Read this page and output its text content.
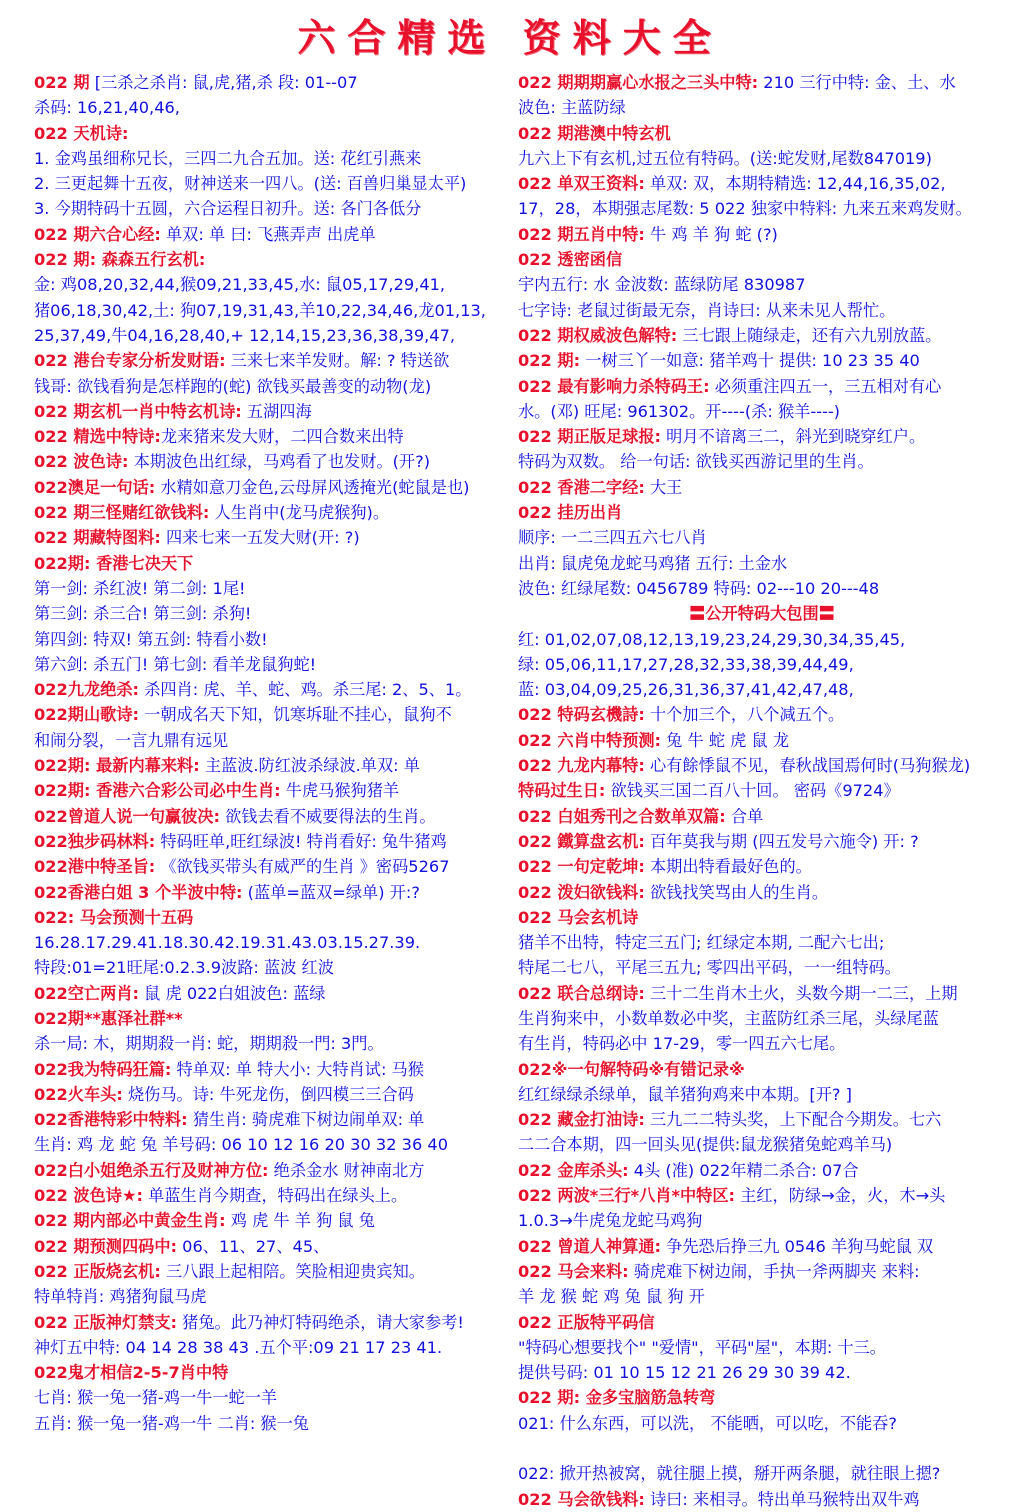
六合精选 资料大全
022 期 [三杀之杀肖: 鼠,虎,猪,杀 段: 01--07
杀码: 16,21,40,46,
022 天机诗:
1. 金鸡虽细称兄长，三四二九合五加。送: 花红引燕来
2. 三更起舞十五夜，财神送来一四八。(送: 百兽归巢显太平)
3. 今期特码十五圆，六合运程日初升。送: 各门各低分
022 期六合心经: 单双: 单 曰: 飞燕弄声 出虎单
022 期: 森森五行玄机:
金: 鸡08,20,32,44,猴09,21,33,45,水: 鼠05,17,29,41,
猪06,18,30,42,土: 狗07,19,31,43,羊10,22,34,46,龙01,13,
25,37,49,牛04,16,28,40,+ 12,14,15,23,36,38,39,47,
022 港台专家分析发财语: 三来七来羊发财。解: ? 特送欲
钱哥: 欲钱看狗是怎样跑的(蛇) 欲钱买最善变的动物(龙)
022 期玄机一肖中特玄机诗: 五湖四海
022 精选中特诗:龙来猪来发大财，二四合数来出特
022 波色诗: 本期波色出红绿，马鸡看了也发财。(开?)
022澳足一句话: 水精如意刀金色,云母屏风透掩光(蛇鼠是也)
022 期三怪赌红欲钱料: 人生肖中(龙马虎猴狗)。
022 期藏特图料: 四来七来一五发大财(开: ?)
022期: 香港七决天下
第一剑: 杀红波! 第二剑: 1尾!
第三剑: 杀三合! 第三剑: 杀狗!
第四剑: 特双! 第五剑: 特看小数!
第六剑: 杀五门! 第七剑: 看羊龙鼠狗蛇!
022九龙绝杀: 杀四肖: 虎、羊、蛇、鸡。杀三尾: 2、5、1。
022期山歌诗: 一朝成名天下知，饥寒坼耻不挂心，鼠狗不
和闹分裂，一言九鼎有远见
022期: 最新内幕来料: 主蓝波.防红波杀绿波.单双: 单
022期: 香港六合彩公司必中生肖: 牛虎马猴狗猪羊
022曾道人说一句赢彼决: 欲钱去看不威要得法的生肖。
022独步码林料: 特码旺单,旺红绿波! 特肖看好: 兔牛猪鸡
022港中特圣旨: 《欲钱买带头有威严的生肖 》密码5267
022香港白姐 3 个半波中特: (蓝单=蓝双=绿单) 开:?
022: 马会预测十五码
16.28.17.29.41.18.30.42.19.31.43.03.15.27.39.
特段:01=21旺尾:0.2.3.9波路: 蓝波 红波
022空亡两肖: 鼠 虎 022白姐波色: 蓝绿
022期**惠泽社群**
杀一局: 木，期期殺一肖: 蛇，期期殺一門: 3門。
022我为特码狂篇: 特单双: 单 特大小: 大特肖试: 马猴
022火车头: 烧伤马。诗: 牛死龙伤，倒四模三三合码
022香港特彩中特料: 猜生肖: 骑虎难下树边闹单双: 单
生肖: 鸡 龙 蛇 兔 羊号码: 06 10 12 16 20 30 32 36 40
022白小姐绝杀五行及财神方位: 绝杀金水 财神南北方
022 波色诗★: 单蓝生肖今期查，特码出在绿头上。
022 期内部必中黄金生肖: 鸡 虎 牛 羊 狗 鼠 兔
022 期预测四码中: 06、11、27、45、
022 正版烧玄机: 三八跟上起相陪。笑脸相迎贵宾知。
特单特肖: 鸡猪狗鼠马虎
022 正版神灯禁支: 猪兔。此乃神灯特码绝杀，请大家参考!
神灯五中特: 04 14 28 38 43 .五个平:09 21 17 23 41.
022鬼才相信2-5-7肖中特
七肖: 猴一兔一猪-鸡一牛一蛇一羊
五肖: 猴一兔一猪-鸡一牛 二肖: 猴一兔
022 期期期赢心水报之三头中特: 210 三行中特: 金、土、水
波色: 主蓝防绿
022 期港澳中特玄机
九六上下有玄机,过五位有特码。(送:蛇发财,尾数847019)
022 单双王资料: 单双: 双，本期特精选: 12,44,16,35,02,
17，28，本期强志尾数: 5 022 独家中特料: 九来五来鸡发财。
022 期五肖中特: 牛 鸡 羊 狗 蛇 (?)
022 透密函信
宇内五行: 水 金波数: 蓝绿防尾 830987
七字诗: 老鼠过街最无奈，肖诗曰: 从来未见人帮忙。
022 期权威波色解特: 三七跟上随绿走，还有六九别放蓝。
022 期: 一树三丫一如意: 猪羊鸡十 提供: 10 23 35 40
022 最有影响力杀特码王: 必须重注四五一，三五相对有心
水。(邓) 旺尾: 961302。开----(杀: 猴羊----)
022 期正版足球报: 明月不谙离三二，斜光到晓穿红户。
特码为双数。 给一句话: 欲钱买西游记里的生肖。
022 香港二字经: 大王
022 挂历出肖
顺序: 一二三四五六七八肖
出肖: 鼠虎兔龙蛇马鸡猪 五行: 土金水
波色: 红绿尾数: 0456789 特码: 02---10 20---48
〓公开特码大包围〓
红: 01,02,07,08,12,13,19,23,24,29,30,34,35,45,
绿: 05,06,11,17,27,28,32,33,38,39,44,49,
蓝: 03,04,09,25,26,31,36,37,41,42,47,48,
022 特码玄機詩: 十个加三个，八个减五个。
022 六肖中特预测: 兔 牛 蛇 虎 鼠 龙
022 九龙内幕特: 心有餘悸鼠不见，春秋战国焉何时(马狗猴龙)
特码过生日: 欲钱买三国二百八十回。 密码《9724》
022 白姐秀刊之合数单双篇: 合单
022 鐵算盘玄机: 百年莫我与期 (四五发号六施令) 开: ?
022 一句定乾坤: 本期出特看最好色的。
022 泼妇欲钱料: 欲钱找笑骂由人的生肖。
022 马会玄机诗
猪羊不出特，特定三五门; 红绿定本期, 二配六七出;
特尾二七八，平尾三五九; 零四出平码，一一组特码。
022 联合总纲诗: 三十二生肖木土火，头数今期一二三，上期
生肖狗来中，小数单数必中奖，主蓝防红杀三尾，头绿尾蓝
有生肖，特码必中 17-29，零一四五六七尾。
022※一句解特码※有错记录※
红红绿绿杀绿单，鼠羊猪狗鸡来中本期。[开? ]
022 藏金打油诗: 三九二二特头奖，上下配合今期发。七六
二二合本期，四一回头见(提供:鼠龙猴猪兔蛇鸡羊马)
022 金库杀头: 4头 (准) 022年精二杀合: 07合
022 两波*三行*八肖*中特区: 主红，防绿→金，火，木→头
1.0.3→牛虎兔龙蛇马鸡狗
022 曾道人神算通: 争先恐后挣三九 0546 羊狗马蛇鼠 双
022 马会来料: 骑虎难下树边闹，手执一斧两脚夹 来料:
羊 龙 猴 蛇 鸡 兔 鼠 狗 开
022 正版特平码信
"特码心想要找个" "爱情"，平码"屋"，本期: 十三。
提供号码: 01 10 15 12 21 26 29 30 39 42.
022 期: 金多宝脑筋急转弯
021: 什么东西，可以洗， 不能晒，可以吃，不能吞?
022: 掀开热被窝，就往腿上摸，掰开两条腿，就往眼上摁?
022 马会欲钱料: 诗曰: 来相寻。特出单马猴特出双牛鸡
